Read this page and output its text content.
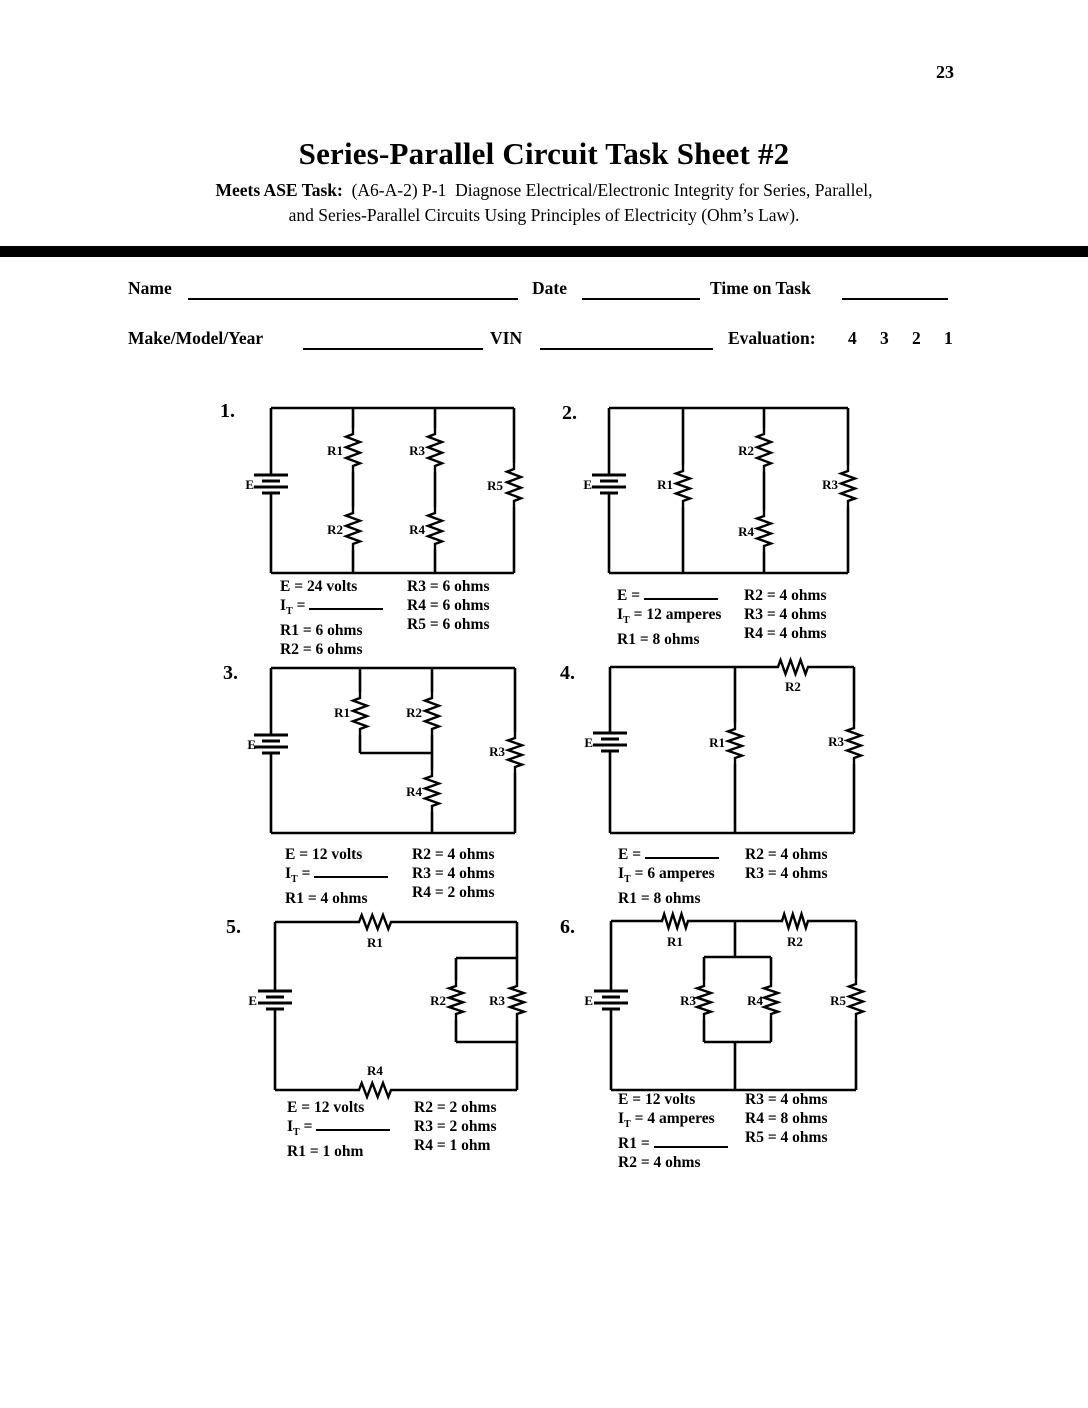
23
Series-Parallel Circuit Task Sheet #2
Meets ASE Task: (A6-A-2) P-1  Diagnose Electrical/Electronic Integrity for Series, Parallel,
and Series-Parallel Circuits Using Principles of Electricity (Ohm’s Law).
Name	Date	Time on Task
Make/Model/Year	VIN	Evaluation: 4	3	2	1
1.
E
R1
R2
R3
R4
R5
E = 24 volts
$I_T$ =
R1 = 6 ohms
R2 = 6 ohms
R3 = 6 ohms
R4 = 6 ohms
R5 = 6 ohms
2.
E	R1
R2
R4
R3
E =
$I_T = 12$ amperes
R1 = 8 ohms
R2 = 4 ohms
R3 = 4 ohms
R4 = 4 ohms
3.
E
R1	R2
R4
R3
E = 12 volts
$I_T$ =
R1 = 4 ohms
R2 = 4 ohms
R3 = 4 ohms
R4 = 2 ohms
4.
R2
R1	R3
E
E =
$I_T = 6$ amperes
R1 = 8 ohms
R2 = 4 ohms
R3 = 4 ohms
5.
R1
R4
E	R2	R3
E = 12 volts
$I_T$ =
R1 = 1 ohm
R2 = 2 ohms
R3 = 2 ohms
R4 = 1 ohm
6.
R1	R2
R3	R4	R5
E
E = 12 volts
$I_T = 4$ amperes
R1 =
R2 = 4 ohms
R3 = 4 ohms
R4 = 8 ohms
R5 = 4 ohms
